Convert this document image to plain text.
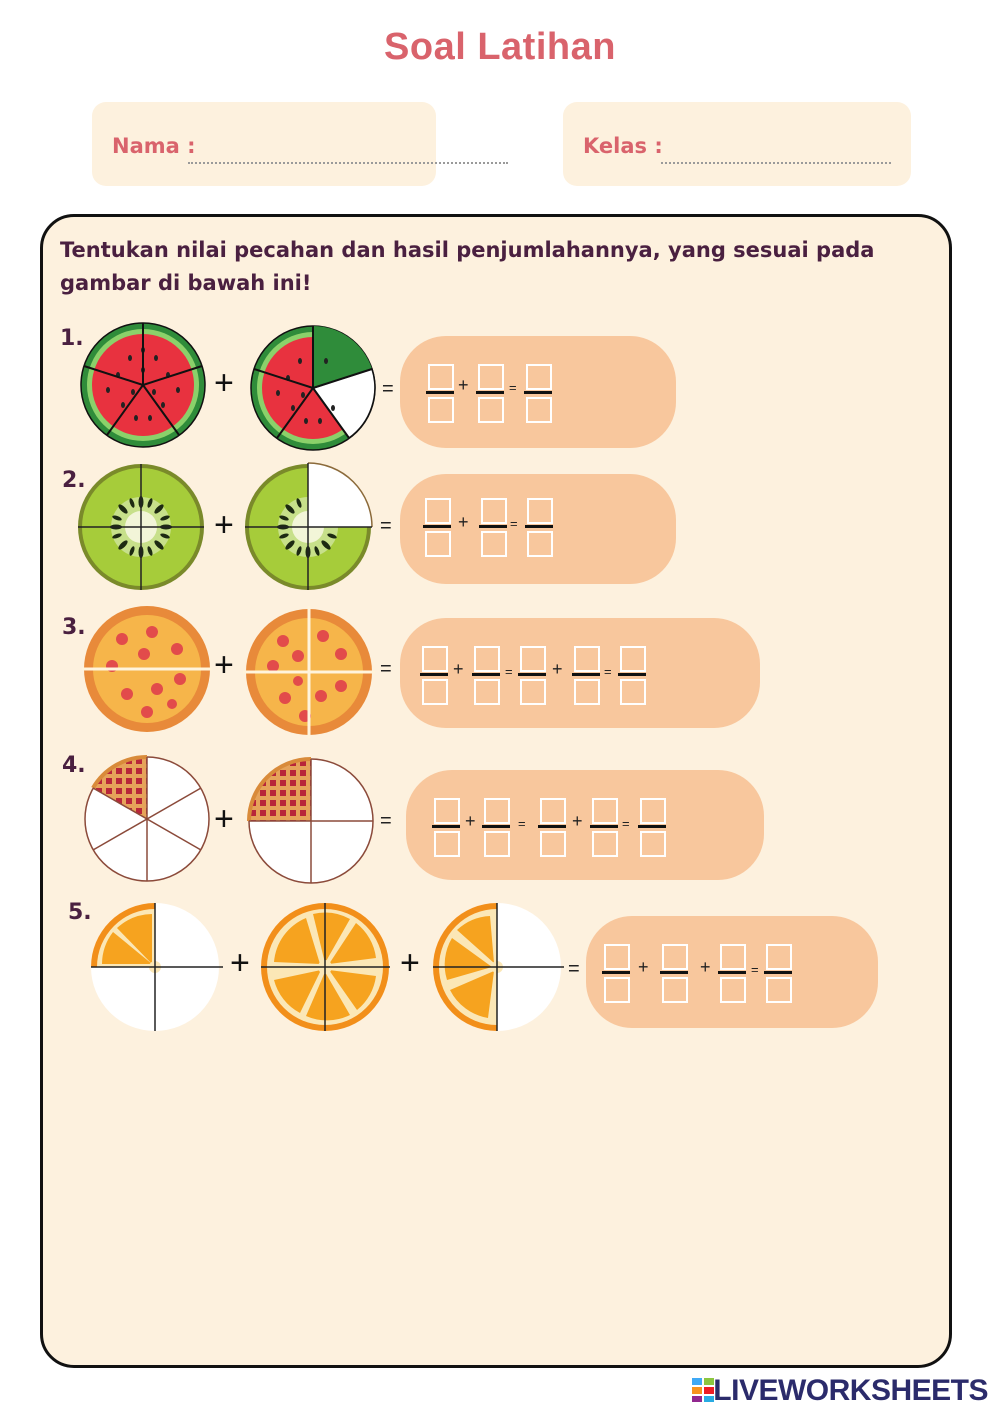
Soal Latihan
Nama :	Kelas :
Tentukan nilai pecahan dan hasil penjumlahannya, yang sesuai pada gambar di bawah ini!
1.
2.
3.
4.
5.
+	=	+	=
+	=	+	=
+	=	+	= +	=
+	=	+	=	+	=
+	+	=	+	+	=
LIVEWORKSHEETS
